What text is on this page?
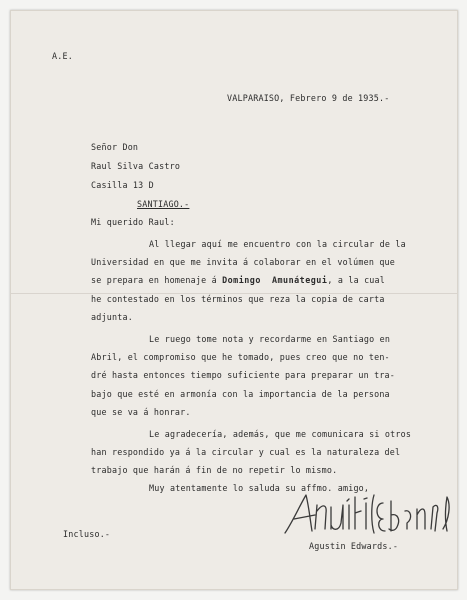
A.E.
VALPARAISO, Febrero 9 de 1935.-
Señor Don
Raul Silva Castro
Casilla 13 D
SANTIAGO.-
Mi querido Raul:
Al llegar aquí me encuentro con la circular de la
Universidad en que me invita á colaborar en el volúmen que
se prepara en homenaje á Domingo  Amunátegui, a la cual
he contestado en los términos que reza la copia de carta
adjunta.
Le ruego tome nota y recordarme en Santiago en
Abril, el compromiso que he tomado, pues creo que no ten-
dré hasta entonces tiempo suficiente para preparar un tra-
bajo que esté en armonía con la importancia de la persona
que se va á honrar.
Le agradecería, además, que me comunicara si otros
han respondido ya á la circular y cual es la naturaleza del
trabajo que harán á fin de no repetir lo mismo.
Muy atentamente lo saluda su affmo. amigo,
Incluso.-
Agustin Edwards.-
